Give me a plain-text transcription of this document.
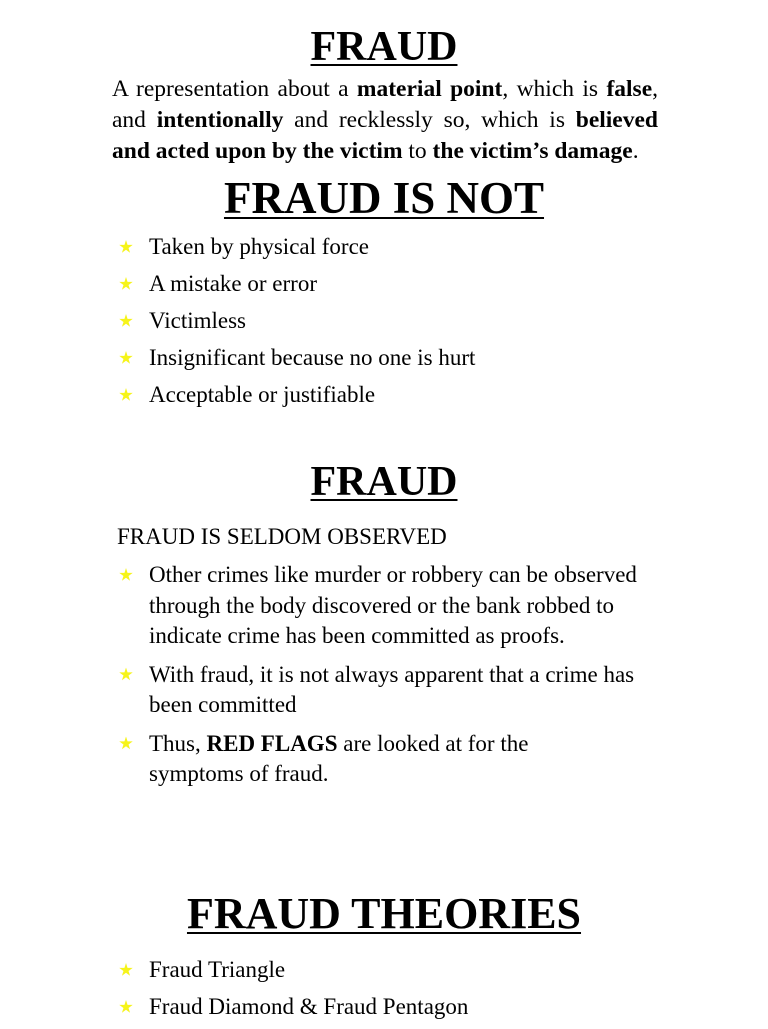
FRAUD

A representation about a material point, which is false, and intentionally and recklessly so, which is believed and acted upon by the victim to the victim’s damage.

FRAUD IS NOT
Taken by physical force
A mistake or error
Victimless
Insignificant because no one is hurt
Acceptable or justifiable
FRAUD
FRAUD IS SELDOM OBSERVED
Other crimes like murder or robbery can be observed through the body discovered or the bank robbed to indicate crime has been committed as proofs.
With fraud, it is not always apparent that a crime has been committed
Thus, RED FLAGS are looked at for the symptoms of fraud.
FRAUD THEORIES
Fraud Triangle
Fraud Diamond & Fraud Pentagon
